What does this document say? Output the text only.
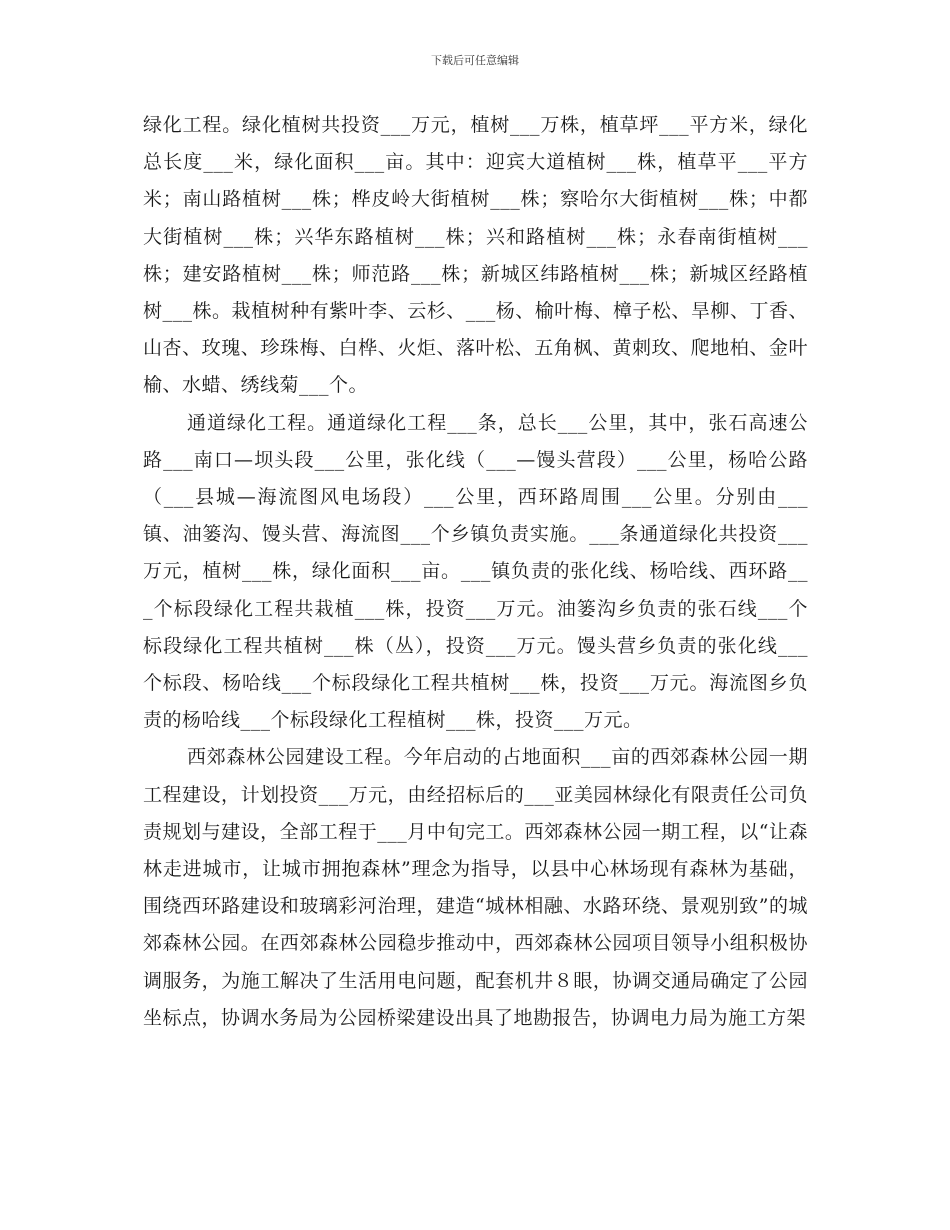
下载后可任意编辑

绿化工程。绿化植树共投资___万元，植树___万株，植草坪___平方米，绿化总长度___米，绿化面积___亩。其中：迎宾大道植树___株，植草平___平方米；南山路植树___株；桦皮岭大街植树___株；察哈尔大街植树___株；中都大街植树___株；兴华东路植树___株；兴和路植树___株；永春南街植树___株；建安路植树___株；师范路___株；新城区纬路植树___株；新城区经路植树___株。栽植树种有紫叶李、云杉、___杨、榆叶梅、樟子松、旱柳、丁香、山杏、玫瑰、珍珠梅、白桦、火炬、落叶松、五角枫、黄刺玫、爬地柏、金叶榆、水蜡、绣线菊___个。

通道绿化工程。通道绿化工程___条，总长___公里，其中，张石高速公路___南口—坝头段___公里，张化线（___—馒头营段）___公里，杨哈公路（___县城—海流图风电场段）___公里，西环路周围___公里。分别由___镇、油篓沟、馒头营、海流图___个乡镇负责实施。___条通道绿化共投资___万元，植树___株，绿化面积___亩。___镇负责的张化线、杨哈线、西环路___个标段绿化工程共栽植___株，投资___万元。油篓沟乡负责的张石线___个标段绿化工程共植树___株（丛），投资___万元。馒头营乡负责的张化线___个标段、杨哈线___个标段绿化工程共植树___株，投资___万元。海流图乡负责的杨哈线___个标段绿化工程植树___株，投资___万元。

西郊森林公园建设工程。今年启动的占地面积___亩的西郊森林公园一期工程建设，计划投资___万元，由经招标后的___亚美园林绿化有限责任公司负责规划与建设，全部工程于___月中旬完工。西郊森林公园一期工程，以“让森林走进城市，让城市拥抱森林”理念为指导，以县中心林场现有森林为基础，围绕西环路建设和玻璃彩河治理，建造“城林相融、水路环绕、景观别致”的城郊森林公园。在西郊森林公园稳步推动中，西郊森林公园项目领导小组积极协调服务，为施工解决了生活用电问题，配套机井８眼，协调交通局确定了公园坐标点，协调水务局为公园桥梁建设出具了地勘报告，协调电力局为施工方架
